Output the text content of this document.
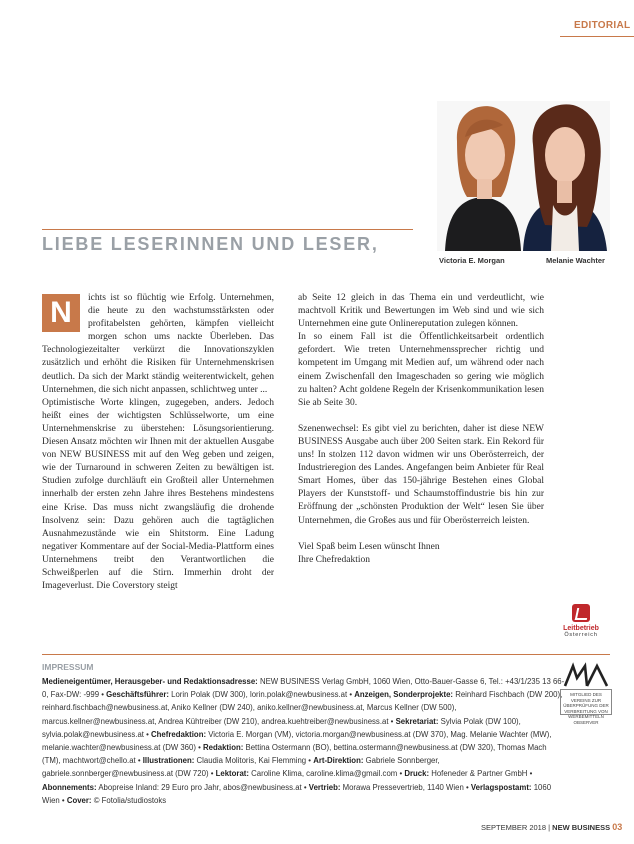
EDITORIAL
Victoria E. Morgan	Melanie Wachter
LIEBE LESERINNEN UND LESER,
N	ichts ist so flüchtig wie Erfolg. Unternehmen, die heute zu den wachstumsstärksten oder profitabelsten gehörten, kämpfen vielleicht morgen schon ums nackte Überleben. Das Technologiezeitalter verkürzt die Innovationszyklen zusätzlich und erhöht die Risiken für Unternehmenskrisen deutlich. Da sich der Markt ständig weiterentwickelt, gehen Unternehmen, die sich nicht anpassen, schlichtweg unter ...

Optimistische Worte klingen, zugegeben, anders. Jedoch heißt eines der wichtigsten Schlüsselworte, um eine Unternehmenskrise zu überstehen: Lösungsorientierung. Diesen Ansatz möchten wir Ihnen mit der aktuellen Ausgabe von NEW BUSINESS mit auf den Weg geben und zeigen, wie der Turnaround in schweren Zeiten zu bewältigen ist. Studien zufolge durchläuft ein Großteil aller Unternehmen innerhalb der ersten zehn Jahre ihres Bestehens mindestens eine Krise. Das muss nicht zwangsläufig die drohende Insolvenz sein: Dazu gehören auch die tagtäglichen Ausnahmezustände wie ein Shitstorm. Eine Ladung negativer Kommentare auf der Social-Media-Plattform eines Unternehmens treibt den Verantwortlichen die Schweißperlen auf die Stirn. Immerhin droht der Imageverlust. Die Coverstory steigt

ab Seite 12 gleich in das Thema ein und verdeutlicht, wie machtvoll Kritik und Bewertungen im Web sind und wie sich Unternehmen eine gute Onlinereputation zulegen können.

In so einem Fall ist die Öffentlichkeitsarbeit ordentlich gefordert. Wie treten Unternehmenssprecher richtig und kompetent im Umgang mit Medien auf, um während oder nach einem Zwischenfall den Imageschaden so gering wie möglich zu halten? Acht goldene Regeln der Krisenkommunikation lesen Sie ab Seite 30.

Szenenwechsel: Es gibt viel zu berichten, daher ist diese NEW BUSINESS Ausgabe auch über 200 Seiten stark. Ein Rekord für uns! In stolzen 112 davon widmen wir uns Oberösterreich, der Industrieregion des Landes. Angefangen beim Anbieter für Real Smart Homes, über das 150-jährige Bestehen eines Global Players der Kunststoff- und Schaumstoffindustrie bis hin zur Eröffnung der „schönsten Produktion der Welt“ lesen Sie über Unternehmen, die Großes aus und für Oberösterreich leisten.

Viel Spaß beim Lesen wünscht Ihnen

Ihre Chefredaktion

Leitbetrieb
Österreich
IMPRESSUM
Medieneigentümer, Herausgeber- und Redaktionsadresse: NEW BUSINESS Verlag GmbH, 1060 Wien, Otto-Bauer-Gasse 6, Tel.: +43/1/235 13 66-0, Fax-DW: -999 • Geschäftsführer: Lorin Polak (DW 300), lorin.polak@newbusiness.at • Anzeigen, Sonderprojekte: Reinhard Fischbach (DW 200), reinhard.fischbach@newbusiness.at, Aniko Kellner (DW 240), aniko.kellner@newbusiness.at, Marcus Kellner (DW 500), marcus.kellner@newbusiness.at, Andrea Kühtreiber (DW 210), andrea.kuehtreiber@newbusiness.at • Sekretariat: Sylvia Polak (DW 100), sylvia.polak@newbusiness.at • Chefredaktion: Victoria E. Morgan (VM), victoria.morgan@newbusiness.at (DW 370), Mag. Melanie Wachter (MW), melanie.wachter@newbusiness.at (DW 360) • Redaktion: Bettina Ostermann (BO), bettina.ostermann@newbusiness.at (DW 320), Thomas Mach (TM), machtwort@chello.at • Illustrationen: Claudia Molitoris, Kai Flemming • Art-Direktion: Gabriele Sonnberger, gabriele.sonnberger@newbusiness.at (DW 720) • Lektorat: Caroline Klima, caroline.klima@gmail.com • Druck: Hofeneder & Partner GmbH • Abonnements: Abopreise Inland: 29 Euro pro Jahr, abos@newbusiness.at • Vertrieb: Morawa Pressevertrieb, 1140 Wien • Verlagspostamt: 1060 Wien • Cover: © Fotolia/studiostoks
MITGLIED DES VEREINS ZUR ÜBERPRÜFUNG DER VERBREITUNG VON WERBEMITTELN OBSERVER
SEPTEMBER 2018 | NEW BUSINESS 03
